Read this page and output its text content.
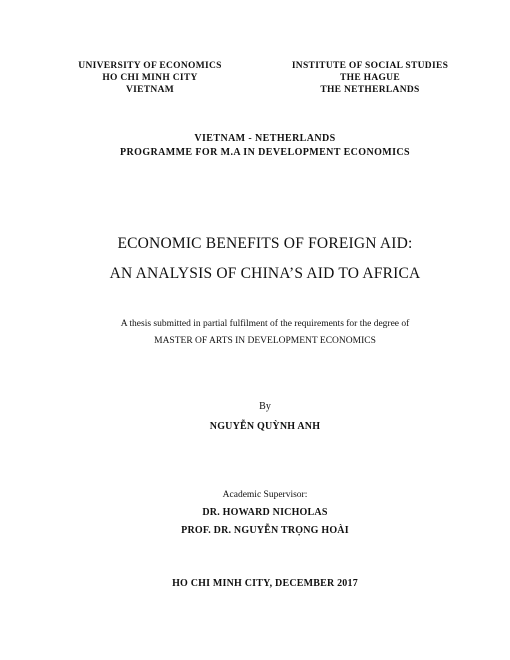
UNIVERSITY OF ECONOMICS
HO CHI MINH CITY
VIETNAM
INSTITUTE OF SOCIAL STUDIES
THE HAGUE
THE NETHERLANDS
VIETNAM - NETHERLANDS
PROGRAMME FOR M.A IN DEVELOPMENT ECONOMICS
ECONOMIC BENEFITS OF FOREIGN AID:
AN ANALYSIS OF CHINA’S AID TO AFRICA
A thesis submitted in partial fulfilment of the requirements for the degree of
MASTER OF ARTS IN DEVELOPMENT ECONOMICS
By
NGUYỄN QUỲNH ANH
Academic Supervisor:
DR. HOWARD NICHOLAS
PROF. DR. NGUYỄN TRỌNG HOÀI
HO CHI MINH CITY, DECEMBER 2017
